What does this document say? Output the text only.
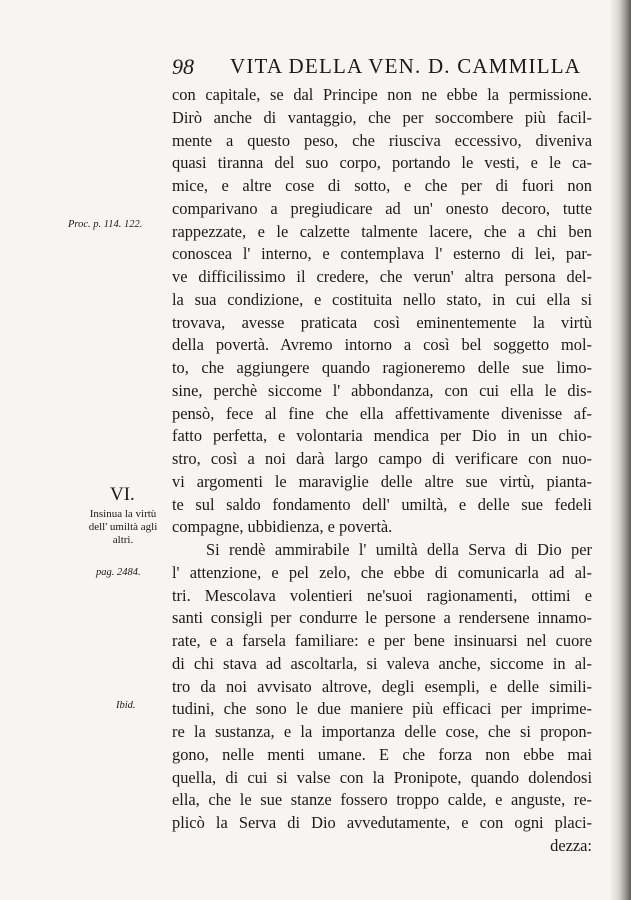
98 VITA DELLA VEN. D. CAMMILLA
con capitale, se dal Principe non ne ebbe la permissione.
Dirò anche di vantaggio, che per soccombere più facil-
mente a questo peso, che riusciva eccessivo, diveniva
quasi tiranna del suo corpo, portando le vesti, e le ca-
mice, e altre cose di sotto, e che per di fuori non
comparivano a pregiudicare ad un' onesto decoro, tutte
rappezzate, e le calzette talmente lacere, che a chi ben
conoscea l' interno, e contemplava l' esterno di lei, par-
ve difficilissimo il credere, che verun' altra persona del-
la sua condizione, e costituita nello stato, in cui ella si
trovava, avesse praticata così eminentemente la virtù
della povertà. Avremo intorno a così bel soggetto mol-
to, che aggiungere quando ragioneremo delle sue limo-
sine, perchè siccome l' abbondanza, con cui ella le dis-
pensò, fece al fine che ella affettivamente divenisse af-
fatto perfetta, e volontaria mendica per Dio in un chio-
stro, così a noi darà largo campo di verificare con nuo-
vi argomenti le maraviglie delle altre sue virtù, pianta-
te sul saldo fondamento dell' umiltà, e delle sue fedeli
compagne, ubbidienza, e povertà.
Si rendè ammirabile l' umiltà della Serva di Dio per
l' attenzione, e pel zelo, che ebbe di comunicarla ad al-
tri. Mescolava volentieri ne'suoi ragionamenti, ottimi e
santi consigli per condurre le persone a rendersene innamo-
rate, e a farsela familiare: e per bene insinuarsi nel cuore
di chi stava ad ascoltarla, si valeva anche, siccome in al-
tro da noi avvisato altrove, degli esempli, e delle simili-
tudini, che sono le due maniere più efficaci per imprime-
re la sustanza, e la importanza delle cose, che si propon-
gono, nelle menti umane. E che forza non ebbe mai
quella, di cui si valse con la Pronipote, quando dolendosi
ella, che le sue stanze fossero troppo calde, e anguste, re-
plicò la Serva di Dio avvedutamente, e con ogni placi-
dezza:
Proc. p. 114. 122.
VI.
Insinua la virtù dell' umiltà agli altri.
pag. 2484.
Ibid.
